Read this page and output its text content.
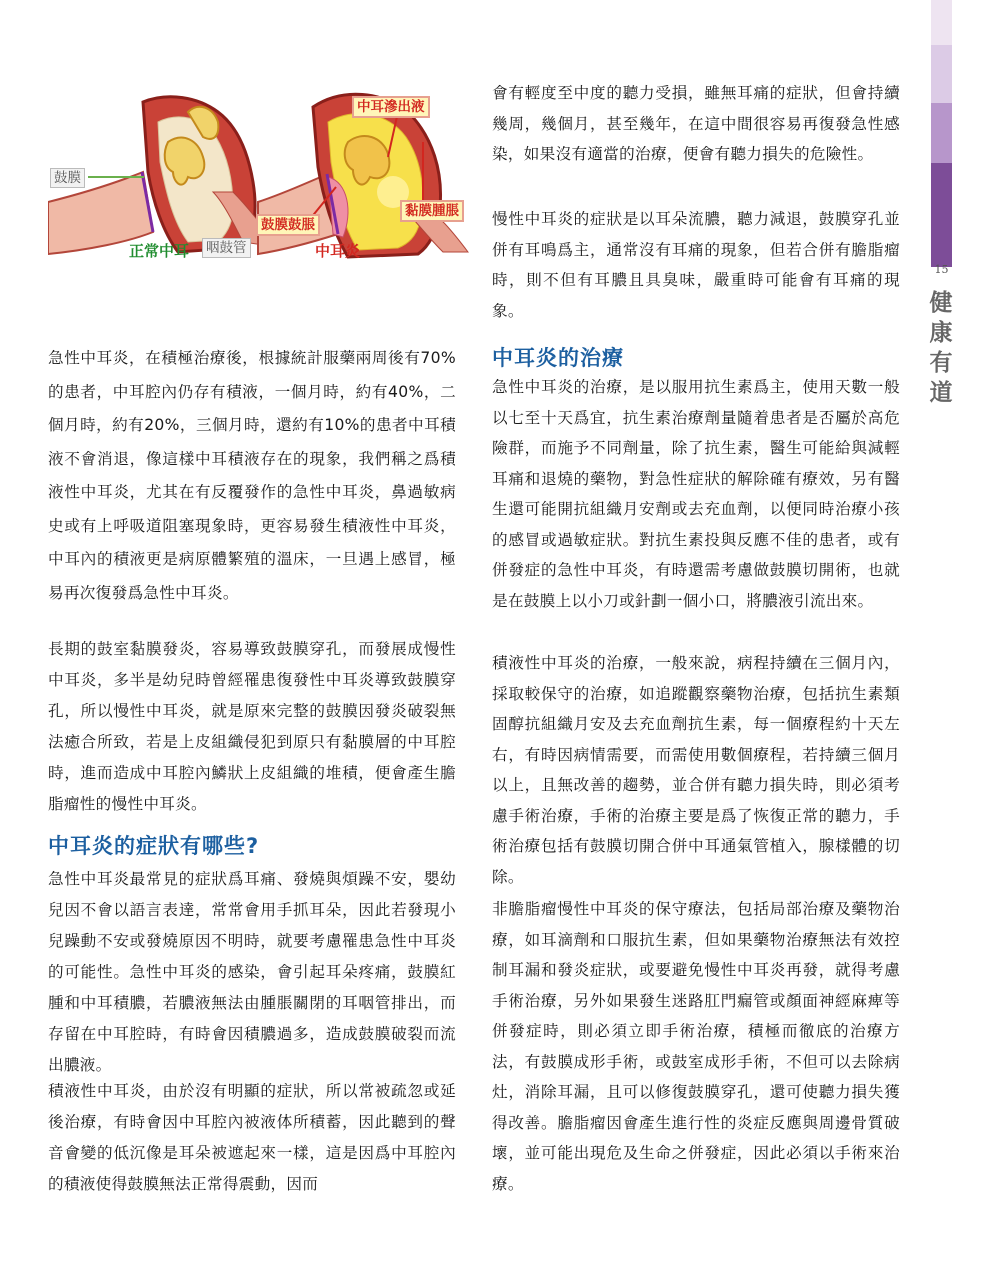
鼓膜
正常中耳 咽鼓管
中耳滲出液
鼓膜鼓脹
黏膜腫脹
中耳炎

急性中耳炎，在積極治療後，根據統計服藥兩周後有70%的患者，中耳腔內仍存有積液，一個月時，約有40%，二個月時，約有20%，三個月時，還約有10%的患者中耳積液不會消退，像這樣中耳積液存在的現象，我們稱之爲積液性中耳炎，尤其在有反覆發作的急性中耳炎，鼻過敏病史或有上呼吸道阻塞現象時，更容易發生積液性中耳炎，中耳內的積液更是病原體繁殖的溫床，一旦遇上感冒，極易再次復發爲急性中耳炎。

長期的鼓室黏膜發炎，容易導致鼓膜穿孔，而發展成慢性中耳炎，多半是幼兒時曾經罹患復發性中耳炎導致鼓膜穿孔，所以慢性中耳炎，就是原來完整的鼓膜因發炎破裂無法癒合所致，若是上皮組織侵犯到原只有黏膜層的中耳腔時，進而造成中耳腔內鱗狀上皮組織的堆積，便會產生膽脂瘤性的慢性中耳炎。

中耳炎的症狀有哪些?

急性中耳炎最常見的症狀爲耳痛、發燒與煩躁不安，嬰幼兒因不會以語言表達，常常會用手抓耳朵，因此若發現小兒躁動不安或發燒原因不明時，就要考慮罹患急性中耳炎的可能性。急性中耳炎的感染，會引起耳朵疼痛，鼓膜紅腫和中耳積膿，若膿液無法由腫脹關閉的耳咽管排出，而存留在中耳腔時，有時會因積膿過多，造成鼓膜破裂而流出膿液。

積液性中耳炎，由於沒有明顯的症狀，所以常被疏忽或延後治療，有時會因中耳腔內被液体所積蓄，因此聽到的聲音會變的低沉像是耳朵被遮起來一樣，這是因爲中耳腔內的積液使得鼓膜無法正常得震動，因而

會有輕度至中度的聽力受損，雖無耳痛的症狀，但會持續幾周，幾個月，甚至幾年，在這中間很容易再復發急性感染，如果沒有適當的治療，便會有聽力損失的危險性。

慢性中耳炎的症狀是以耳朵流膿，聽力減退，鼓膜穿孔並併有耳鳴爲主，通常沒有耳痛的現象，但若合併有膽脂瘤時，則不但有耳膿且具臭味，嚴重時可能會有耳痛的現象。

中耳炎的治療

急性中耳炎的治療，是以服用抗生素爲主，使用天數一般以七至十天爲宜，抗生素治療劑量隨着患者是否屬於高危險群，而施予不同劑量，除了抗生素，醫生可能給與減輕耳痛和退燒的藥物，對急性症狀的解除確有療效，另有醫生還可能開抗組織月安劑或去充血劑，以便同時治療小孩的感冒或過敏症狀。對抗生素投與反應不佳的患者，或有併發症的急性中耳炎，有時還需考慮做鼓膜切開術，也就是在鼓膜上以小刀或針劃一個小口，將膿液引流出來。

積液性中耳炎的治療，一般來說，病程持續在三個月內，採取較保守的治療，如追蹤觀察藥物治療，包括抗生素類固醇抗組織月安及去充血劑抗生素，每一個療程約十天左右，有時因病情需要，而需使用數個療程，若持續三個月以上，且無改善的趨勢，並合併有聽力損失時，則必須考慮手術治療，手術的治療主要是爲了恢復正常的聽力，手術治療包括有鼓膜切開合併中耳通氣管植入，腺樣體的切除。

非膽脂瘤慢性中耳炎的保守療法，包括局部治療及藥物治療，如耳滴劑和口服抗生素，但如果藥物治療無法有效控制耳漏和發炎症狀，或要避免慢性中耳炎再發，就得考慮手術治療，另外如果發生迷路肛門瘺管或顏面神經麻痺等併發症時，則必須立即手術治療，積極而徹底的治療方法，有鼓膜成形手術，或鼓室成形手術，不但可以去除病灶，消除耳漏，且可以修復鼓膜穿孔，還可使聽力損失獲得改善。膽脂瘤因會產生進行性的炎症反應與周邊骨質破壞，並可能出現危及生命之併發症，因此必須以手術來治療。

15
健康有道
